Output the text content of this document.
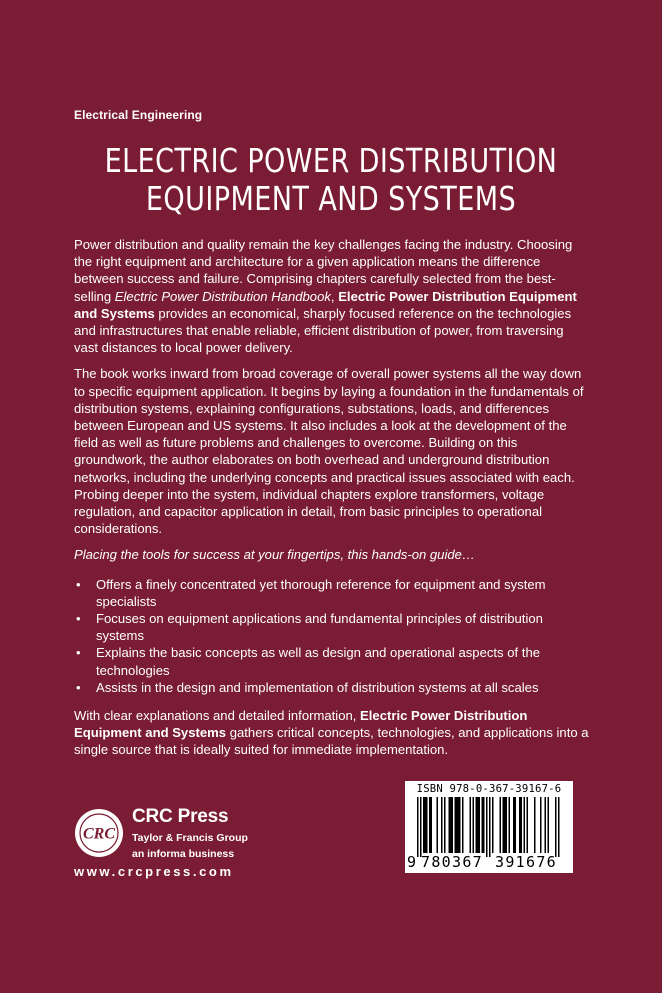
Electrical Engineering
ELECTRIC POWER DISTRIBUTION
EQUIPMENT AND SYSTEMS

Power distribution and quality remain the key challenges facing the industry. Choosing the right equipment and architecture for a given application means the difference between success and failure. Comprising chapters carefully selected from the best-selling Electric Power Distribution Handbook, Electric Power Distribution Equipment and Systems provides an economical, sharply focused reference on the technologies and infrastructures that enable reliable, efficient distribution of power, from traversing vast distances to local power delivery.

The book works inward from broad coverage of overall power systems all the way down to specific equipment application. It begins by laying a foundation in the fundamentals of distribution systems, explaining configurations, substations, loads, and differences between European and US systems. It also includes a look at the development of the field as well as future problems and challenges to overcome. Building on this groundwork, the author elaborates on both overhead and underground distribution networks, including the underlying concepts and practical issues associated with each. Probing deeper into the system, individual chapters explore transformers, voltage regulation, and capacitor application in detail, from basic principles to operational considerations.

Placing the tools for success at your fingertips, this hands-on guide…

• Offers a finely concentrated yet thorough reference for equipment and system specialists
• Focuses on equipment applications and fundamental principles of distribution systems
• Explains the basic concepts as well as design and operational aspects of the technologies
• Assists in the design and implementation of distribution systems at all scales

With clear explanations and detailed information, Electric Power Distribution Equipment and Systems gathers critical concepts, technologies, and applications into a single source that is ideally suited for immediate implementation.

CRC
CRC Press
Taylor & Francis Group
an informa business
www.crcpress.com
ISBN 978-0-367-39167-6
9 780367 391676
